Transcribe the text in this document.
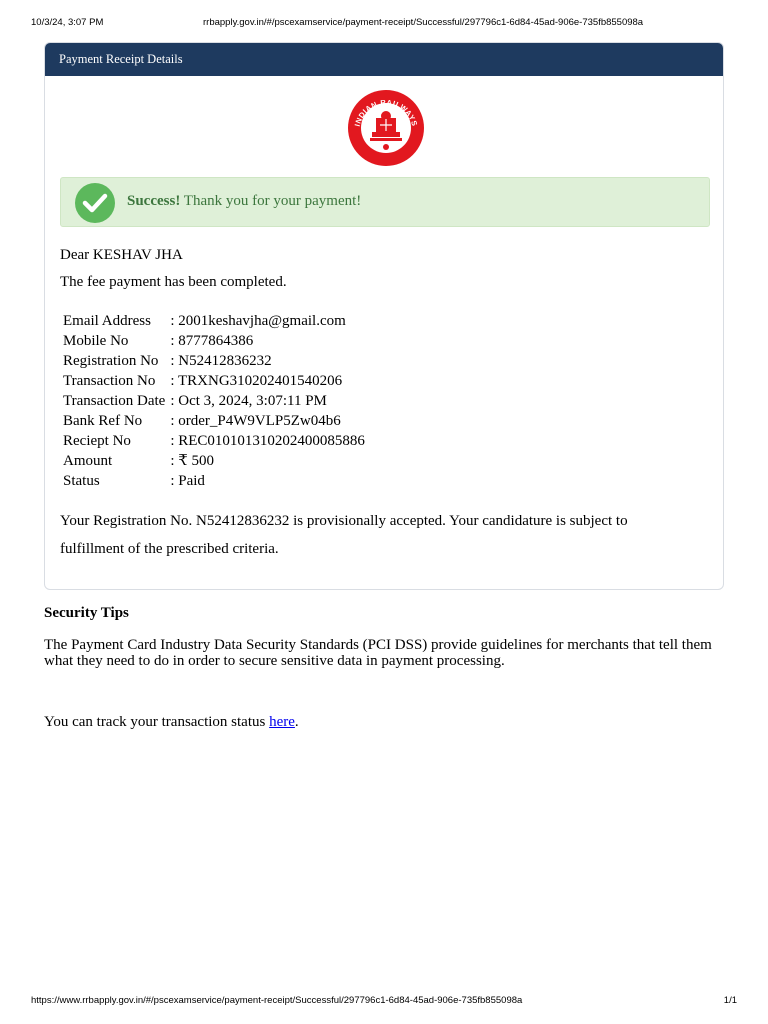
10/3/24, 3:07 PM	rrbapply.gov.in/#/pscexamservice/payment-receipt/Successful/297796c1-6d84-45ad-906e-735fb855098a
Payment Receipt Details
INDIAN RAILWAYS
Success! Thank you for your payment!
Dear KESHAV JHA
The fee payment has been completed.
Email Address	: 2001keshavjha@gmail.com
Mobile No	: 8777864386
Registration No	: N52412836232
Transaction No	: TRXNG310202401540206
Transaction Date	: Oct 3, 2024, 3:07:11 PM
Bank Ref No	: order_P4W9VLP5Zw04b6
Reciept No	: REC010101310202400085886
Amount	: ₹ 500
Status	: Paid
Your Registration No. N52412836232 is provisionally accepted. Your candidature is subject to fulfillment of the prescribed criteria.
Security Tips
The Payment Card Industry Data Security Standards (PCI DSS) provide guidelines for merchants that tell them what they need to do in order to secure sensitive data in payment processing.
You can track your transaction status here.
https://www.rrbapply.gov.in/#/pscexamservice/payment-receipt/Successful/297796c1-6d84-45ad-906e-735fb855098a	1/1
